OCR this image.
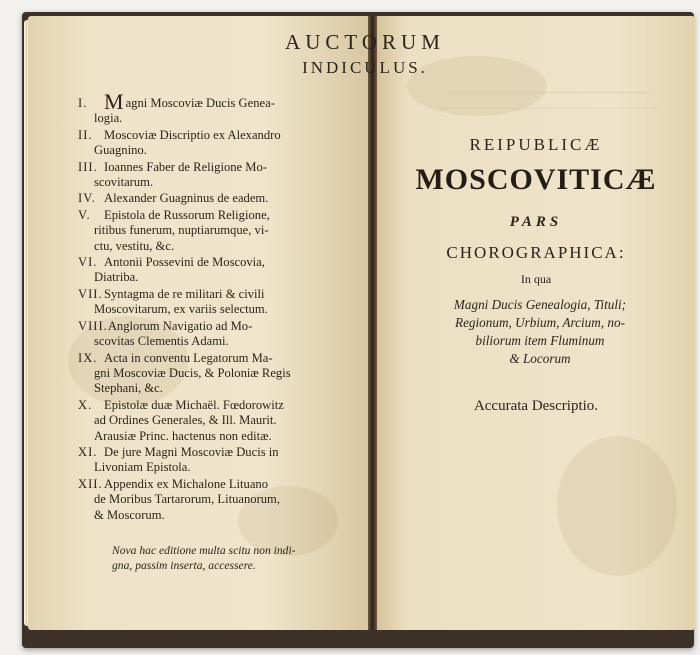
AUCTORUM
INDICULUS.
I. M agni Moscoviæ Ducis Genea-
logia.
II. Moscoviæ Discriptio ex Alexandro
Guagnino.
III. Ioannes Faber de Religione Mo-
scovitarum.
IV. Alexander Guagninus de eadem.
V. Epistola de Russorum Religione,
ritibus funerum, nuptiarumque, vi-
ctu, vestitu, &c.
VI. Antonii Possevini de Moscovia,
Diatriba.
VII.Syntagma de re militari & civili
Moscovitarum, ex variis selectum.
VIII.Anglorum Navigatio ad Mo-
scovitas Clementis Adami.
IX. Acta in conventu Legatorum Ma-
gni Moscoviæ Ducis, & Poloniæ Regis
Stephani, &c.
X. Epistolæ duæ Michaël. Fœdorowitz
ad Ordines Generales, & Ill. Maurit.
Arausiæ Princ. hactenus non editæ.
XI. De jure Magni Moscoviæ Ducis in
Livoniam Epistola.
XII.Appendix ex Michalone Lituano
de Moribus Tartarorum, Lituanorum,
& Moscorum.
Nova hac editione multa scitu non indi-
gna, passim inserta, accessere.
REIPUBLICÆ
MOSCOVITICÆ
PARS
CHOROGRAPHICA:
In qua
Magni Ducis Genealogia, Tituli;
Regionum, Urbium, Arcium, no-
biliorum item Fluminum
& Locorum
Accurata Descriptio.
